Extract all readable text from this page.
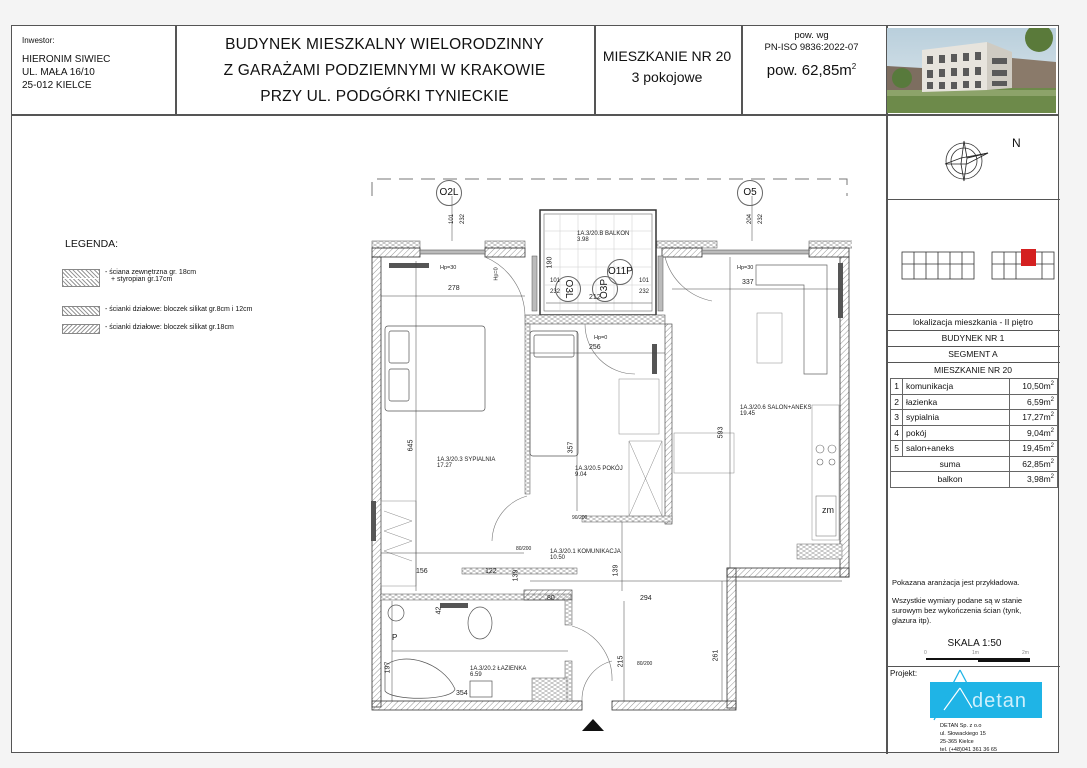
Inwestor:
HIERONIM SIWIEC
UL. MAŁA 16/10
25-012 KIELCE
BUDYNEK MIESZKALNY WIELORODZINNY
Z GARAŻAMI PODZIEMNYMI W KRAKOWIE
PRZY UL. PODGÓRKI TYNIECKIE
MIESZKANIE NR 20
3 pokojowe
pow. wg
PN-ISO 9836:2022-07
pow. $62,85m^2$
LEGENDA:
- ściana zewnętrzna gr. 18cm
+ styropian gr.17cm
- ścianki działowe: bloczek silikat gr.8cm i 12cm
- ścianki działowe: bloczek silikat gr.18cm
O2L	O5
O11P
O3L	O3P
1A.3/20.B BALKON
3.98
1A.3/20.3 SYPIALNIA
17.27	1A.3/20.5 POKÓJ
9.04
1A.3/20.6 SALON+ANEKS
19.45
1A.3/20.1 KOMUNIKACJA
10.50
1A.3/20.2 ŁAZIENKA
6.59
278
256
337
212
190
645	357
593
156	122 139	139
80	294
42
197
354
215
261
101 232	204 232
101
232
101
232
Hp=30	Hp=30
Hp=0
Hp=0
80/200
80/200
90/200
zm
P
N
lokalizacja mieszkania - II piętro
BUDYNEK NR 1
SEGMENT A
MIESZKANIE NR 20
1	komunikacja	$10,50m^2$
2	łazienka	$6,59m^2$
3	sypialnia	$17,27m^2$
4	pokój	$9,04m^2$
5	salon+aneks	$19,45m^2$
suma		$62,85m^2$
balkon		$3,98m^2$
Pokazana aranżacja jest przykładowa.
Wszystkie wymiary podane są w stanie surowym bez wykończenia ścian (tynk, glazura itp).
SKALA 1:50
0	1m	2m
Projekt:
detan
DETAN Sp. z o.o
ul. Słowackiego 15
25-365 Kielce
tel. (+48)041 361 36 65
